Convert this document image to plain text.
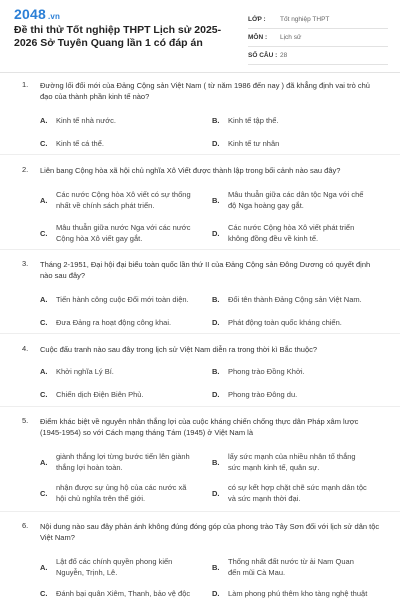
2048 .vn
Đề thi thử Tốt nghiệp THPT Lịch sử 2025-2026 Sở Tuyên Quang lần 1 có đáp án
LỚP :	Tốt nghiệp THPT
MÔN :	Lịch sử
SỐ CÂU : 28
1. Đường lối đổi mới của Đảng Cộng sản Việt Nam ( từ năm 1986 đến nay ) đã khẳng định vai trò chủ đạo của thành phần kinh tế nào?
A. Kinh tế nhà nước.	B. Kinh tế tập thể.
C. Kinh tế cá thể.	D. Kinh tế tư nhân
2. Liên bang Cộng hòa xã hội chủ nghĩa Xô Viết được thành lập trong bối cảnh nào sau đây?
A.
Các nước Cộng hòa Xô viết có sự thống nhất về chính sách phát triển.
B.
Mâu thuẫn giữa các dân tộc Nga với chế độ Nga hoàng gay gắt.
C.
Mâu thuẫn giữa nước Nga với các nước Cộng hòa Xô viết gay gắt.
D.
Các nước Cộng hòa Xô viết phát triển không đồng đều về kinh tế.
3. Tháng 2-1951, Đại hội đại biểu toàn quốc lần thứ II của Đảng Cộng sản Đông Dương có quyết định nào sau đây?
A. Tiến hành công cuộc Đổi mới toàn diện.	B. Đổi tên thành Đảng Cộng sản Việt Nam.
C. Đưa Đảng ra hoạt động công khai.	D. Phát động toàn quốc kháng chiến.
4. Cuộc đấu tranh nào sau đây trong lịch sử Việt Nam diễn ra trong thời kì Bắc thuộc?
A. Khởi nghĩa Lý Bí.	B. Phong trào Đồng Khởi.
C. Chiến dịch Điện Biên Phủ.	D. Phong trào Đông du.
5. Điểm khác biệt về nguyên nhân thắng lợi của cuộc kháng chiến chống thực dân Pháp xâm lược (1945-1954) so với Cách mạng tháng Tám (1945) ở Việt Nam là
A.
giành thắng lợi từng bước tiến lên giành thắng lợi hoàn toàn.
B.
lấy sức mạnh của nhiều nhân tố thắng sức mạnh kinh tế, quân sự.
C.
nhận được sự ủng hộ của các nước xã hội chủ nghĩa trên thế giới.
D.
có sự kết hợp chặt chẽ sức mạnh dân tộc và sức mạnh thời đại.
6. Nội dung nào sau đây phản ánh không đúng đóng góp của phong trào Tây Sơn đối với lịch sử dân tộc Việt Nam?
A.
Lật đổ các chính quyền phong kiến Nguyễn, Trịnh, Lê.
B.
Thống nhất đất nước từ ải Nam Quan đến mũi Cà Mau.
C. Đánh bại quân Xiêm, Thanh, bảo vệ độc	D. Làm phong phú thêm kho tàng nghệ thuật
